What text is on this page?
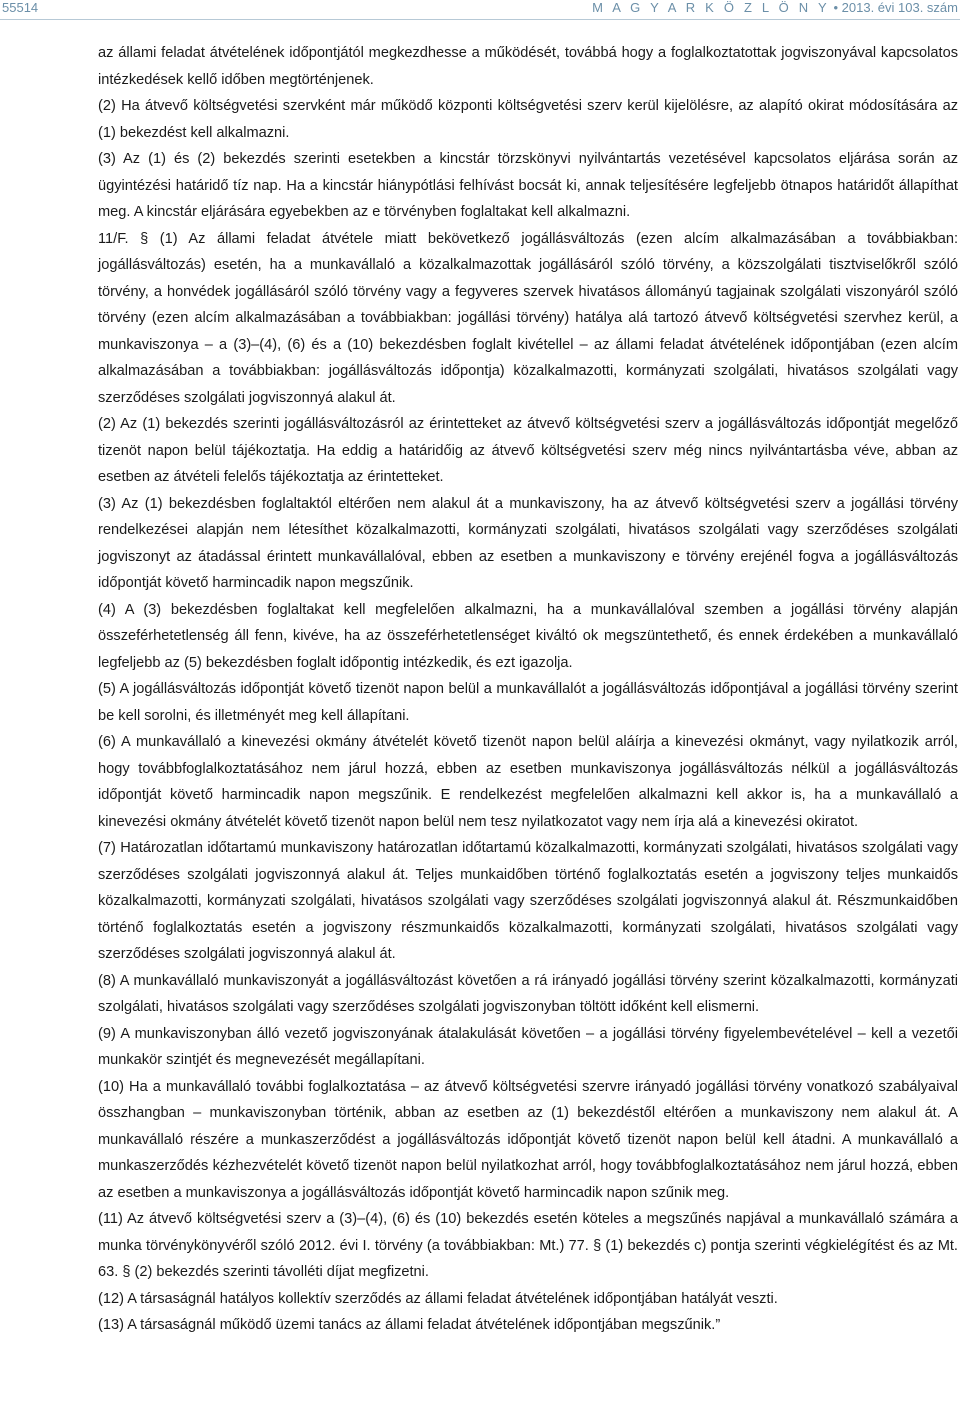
55514	M A G Y A R K Ö Z L Ö N Y • 2013. évi 103. szám

az állami feladat átvételének időpontjától megkezdhesse a működését, továbbá hogy a foglalkoztatottak jogviszonyával kapcsolatos intézkedések kellő időben megtörténjenek.

(2) Ha átvevő költségvetési szervként már működő központi költségvetési szerv kerül kijelölésre, az alapító okirat módosítására az (1) bekezdést kell alkalmazni.

(3) Az (1) és (2) bekezdés szerinti esetekben a kincstár törzskönyvi nyilvántartás vezetésével kapcsolatos eljárása során az ügyintézési határidő tíz nap. Ha a kincstár hiánypótlási felhívást bocsát ki, annak teljesítésére legfeljebb ötnapos határidőt állapíthat meg. A kincstár eljárására egyebekben az e törvényben foglaltakat kell alkalmazni.

11/F. § (1) Az állami feladat átvétele miatt bekövetkező jogállásváltozás (ezen alcím alkalmazásában a továbbiakban: jogállásváltozás) esetén, ha a munkavállaló a közalkalmazottak jogállásáról szóló törvény, a közszolgálati tisztviselőkről szóló törvény, a honvédek jogállásáról szóló törvény vagy a fegyveres szervek hivatásos állományú tagjainak szolgálati viszonyáról szóló törvény (ezen alcím alkalmazásában a továbbiakban: jogállási törvény) hatálya alá tartozó átvevő költségvetési szervhez kerül, a munkaviszonya – a (3)–(4), (6) és a (10) bekezdésben foglalt kivétellel – az állami feladat átvételének időpontjában (ezen alcím alkalmazásában a továbbiakban: jogállásváltozás időpontja) közalkalmazotti, kormányzati szolgálati, hivatásos szolgálati vagy szerződéses szolgálati jogviszonnyá alakul át.

(2) Az (1) bekezdés szerinti jogállásváltozásról az érintetteket az átvevő költségvetési szerv a jogállásváltozás időpontját megelőző tizenöt napon belül tájékoztatja. Ha eddig a határidőig az átvevő költségvetési szerv még nincs nyilvántartásba véve, abban az esetben az átvételi felelős tájékoztatja az érintetteket.

(3) Az (1) bekezdésben foglaltaktól eltérően nem alakul át a munkaviszony, ha az átvevő költségvetési szerv a jogállási törvény rendelkezései alapján nem létesíthet közalkalmazotti, kormányzati szolgálati, hivatásos szolgálati vagy szerződéses szolgálati jogviszonyt az átadással érintett munkavállalóval, ebben az esetben a munkaviszony e törvény erejénél fogva a jogállásváltozás időpontját követő harmincadik napon megszűnik.

(4) A (3) bekezdésben foglaltakat kell megfelelően alkalmazni, ha a munkavállalóval szemben a jogállási törvény alapján összeférhetetlenség áll fenn, kivéve, ha az összeférhetetlenséget kiváltó ok megszüntethető, és ennek érdekében a munkavállaló legfeljebb az (5) bekezdésben foglalt időpontig intézkedik, és ezt igazolja.

(5) A jogállásváltozás időpontját követő tizenöt napon belül a munkavállalót a jogállásváltozás időpontjával a jogállási törvény szerint be kell sorolni, és illetményét meg kell állapítani.

(6) A munkavállaló a kinevezési okmány átvételét követő tizenöt napon belül aláírja a kinevezési okmányt, vagy nyilatkozik arról, hogy továbbfoglalkoztatásához nem járul hozzá, ebben az esetben munkaviszonya jogállásváltozás nélkül a jogállásváltozás időpontját követő harmincadik napon megszűnik. E rendelkezést megfelelően alkalmazni kell akkor is, ha a munkavállaló a kinevezési okmány átvételét követő tizenöt napon belül nem tesz nyilatkozatot vagy nem írja alá a kinevezési okiratot.

(7) Határozatlan időtartamú munkaviszony határozatlan időtartamú közalkalmazotti, kormányzati szolgálati, hivatásos szolgálati vagy szerződéses szolgálati jogviszonnyá alakul át. Teljes munkaidőben történő foglalkoztatás esetén a jogviszony teljes munkaidős közalkalmazotti, kormányzati szolgálati, hivatásos szolgálati vagy szerződéses szolgálati jogviszonnyá alakul át. Részmunkaidőben történő foglalkoztatás esetén a jogviszony részmunkaidős közalkalmazotti, kormányzati szolgálati, hivatásos szolgálati vagy szerződéses szolgálati jogviszonnyá alakul át.

(8) A munkavállaló munkaviszonyát a jogállásváltozást követően a rá irányadó jogállási törvény szerint közalkalmazotti, kormányzati szolgálati, hivatásos szolgálati vagy szerződéses szolgálati jogviszonyban töltött időként kell elismerni.

(9) A munkaviszonyban álló vezető jogviszonyának átalakulását követően – a jogállási törvény figyelembevételével – kell a vezetői munkakör szintjét és megnevezését megállapítani.

(10) Ha a munkavállaló további foglalkoztatása – az átvevő költségvetési szervre irányadó jogállási törvény vonatkozó szabályaival összhangban – munkaviszonyban történik, abban az esetben az (1) bekezdéstől eltérően a munkaviszony nem alakul át. A munkavállaló részére a munkaszerződést a jogállásváltozás időpontját követő tizenöt napon belül kell átadni. A munkavállaló a munkaszerződés kézhezvételét követő tizenöt napon belül nyilatkozhat arról, hogy továbbfoglalkoztatásához nem járul hozzá, ebben az esetben a munkaviszonya a jogállásváltozás időpontját követő harmincadik napon szűnik meg.

(11) Az átvevő költségvetési szerv a (3)–(4), (6) és (10) bekezdés esetén köteles a megszűnés napjával a munkavállaló számára a munka törvénykönyvéről szóló 2012. évi I. törvény (a továbbiakban: Mt.) 77. § (1) bekezdés c) pontja szerinti végkielégítést és az Mt. 63. § (2) bekezdés szerinti távolléti díjat megfizetni.

(12) A társaságnál hatályos kollektív szerződés az állami feladat átvételének időpontjában hatályát veszti.

(13) A társaságnál működő üzemi tanács az állami feladat átvételének időpontjában megszűnik.”
